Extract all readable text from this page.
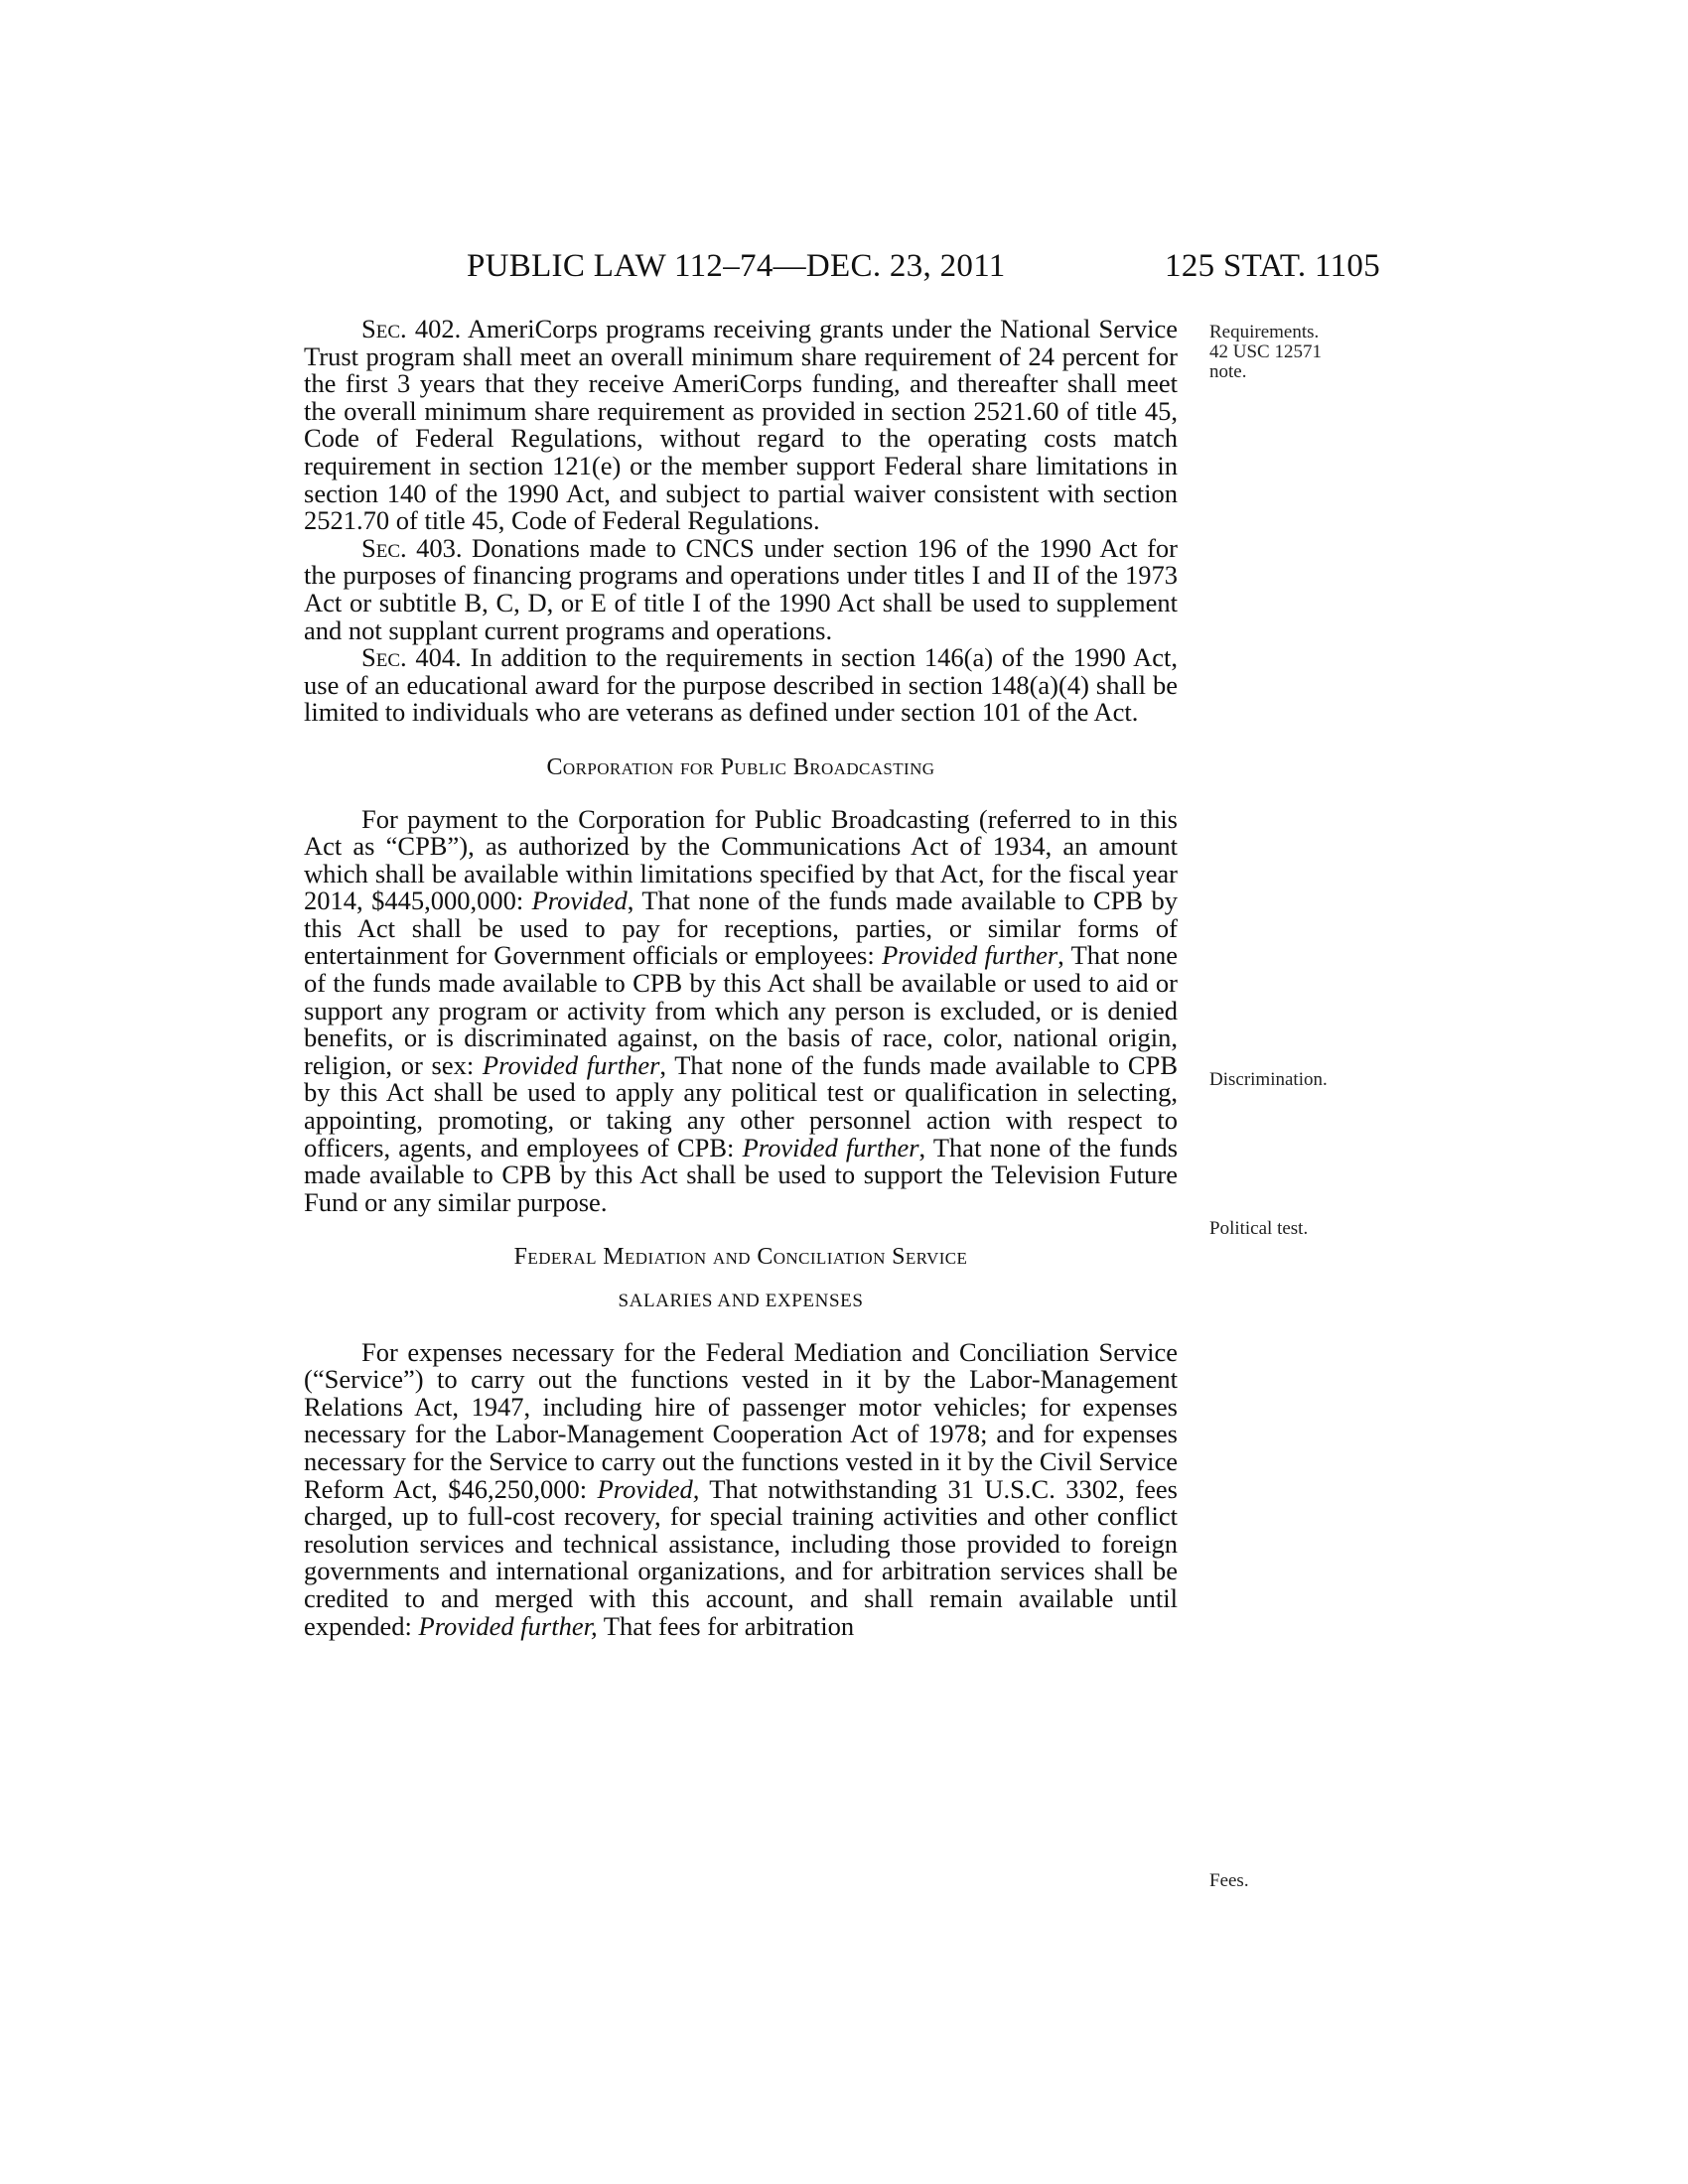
PUBLIC LAW 112–74—DEC. 23, 2011	125 STAT. 1105

Sec. 402. AmeriCorps programs receiving grants under the National Service Trust program shall meet an overall minimum share requirement of 24 percent for the first 3 years that they receive AmeriCorps funding, and thereafter shall meet the overall minimum share requirement as provided in section 2521.60 of title 45, Code of Federal Regulations, without regard to the operating costs match requirement in section 121(e) or the member support Federal share limitations in section 140 of the 1990 Act, and subject to partial waiver consistent with section 2521.70 of title 45, Code of Federal Regulations.

Sec. 403. Donations made to CNCS under section 196 of the 1990 Act for the purposes of financing programs and operations under titles I and II of the 1973 Act or subtitle B, C, D, or E of title I of the 1990 Act shall be used to supplement and not supplant current programs and operations.

Sec. 404. In addition to the requirements in section 146(a) of the 1990 Act, use of an educational award for the purpose described in section 148(a)(4) shall be limited to individuals who are veterans as defined under section 101 of the Act.

Corporation for Public Broadcasting

For payment to the Corporation for Public Broadcasting (referred to in this Act as “CPB”), as authorized by the Communications Act of 1934, an amount which shall be available within limitations specified by that Act, for the fiscal year 2014, $445,000,000: Provided, That none of the funds made available to CPB by this Act shall be used to pay for receptions, parties, or similar forms of entertainment for Government officials or employees: Provided further, That none of the funds made available to CPB by this Act shall be available or used to aid or support any program or activity from which any person is excluded, or is denied benefits, or is discriminated against, on the basis of race, color, national origin, religion, or sex: Provided further, That none of the funds made available to CPB by this Act shall be used to apply any political test or qualification in selecting, appointing, promoting, or taking any other personnel action with respect to officers, agents, and employees of CPB: Provided further, That none of the funds made available to CPB by this Act shall be used to support the Television Future Fund or any similar purpose.

Federal Mediation and Conciliation Service
SALARIES AND EXPENSES

For expenses necessary for the Federal Mediation and Conciliation Service (“Service”) to carry out the functions vested in it by the Labor-Management Relations Act, 1947, including hire of passenger motor vehicles; for expenses necessary for the Labor-Management Cooperation Act of 1978; and for expenses necessary for the Service to carry out the functions vested in it by the Civil Service Reform Act, $46,250,000: Provided, That notwithstanding 31 U.S.C. 3302, fees charged, up to full-cost recovery, for special training activities and other conflict resolution services and technical assistance, including those provided to foreign governments and international organizations, and for arbitration services shall be credited to and merged with this account, and shall remain available until expended: Provided further, That fees for arbitration

Requirements.
42 USC 12571
note.
Discrimination.
Political test.
Fees.
